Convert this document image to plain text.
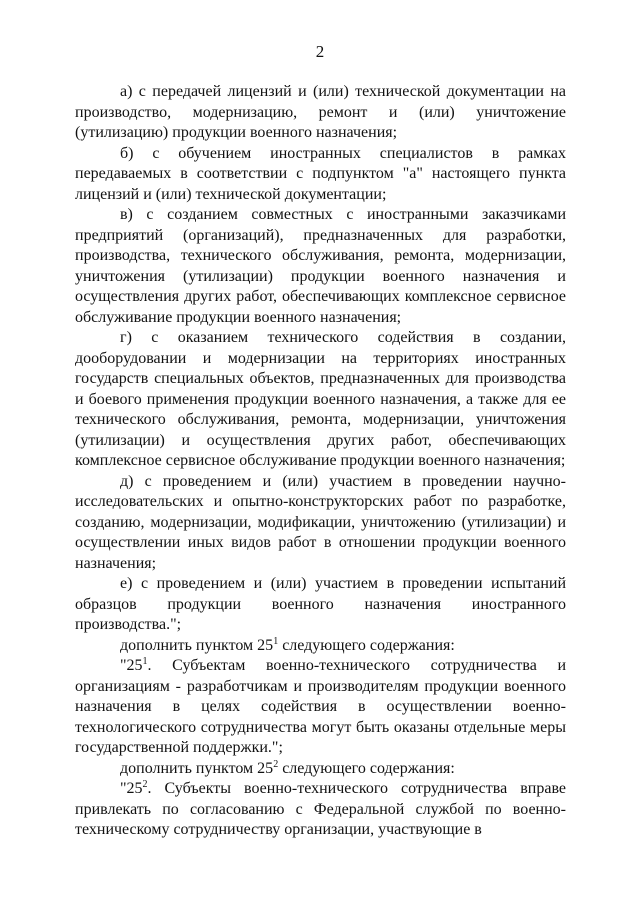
2

а) с передачей лицензий и (или) технической документации на производство, модернизацию, ремонт и (или) уничтожение (утилизацию) продукции военного назначения;

б) с обучением иностранных специалистов в рамках передаваемых в соответствии с подпунктом "а" настоящего пункта лицензий и (или) технической документации;

в) с созданием совместных с иностранными заказчиками предприятий (организаций), предназначенных для разработки, производства, технического обслуживания, ремонта, модернизации, уничтожения (утилизации) продукции военного назначения и осуществления других работ, обеспечивающих комплексное сервисное обслуживание продукции военного назначения;

г) с оказанием технического содействия в создании, дооборудовании и модернизации на территориях иностранных государств специальных объектов, предназначенных для производства и боевого применения продукции военного назначения, а также для ее технического обслуживания, ремонта, модернизации, уничтожения (утилизации) и осуществления других работ, обеспечивающих комплексное сервисное обслуживание продукции военного назначения;

д) с проведением и (или) участием в проведении научно-исследовательских и опытно-конструкторских работ по разработке, созданию, модернизации, модификации, уничтожению (утилизации) и осуществлении иных видов работ в отношении продукции военного назначения;

е) с проведением и (или) участием в проведении испытаний образцов продукции военного назначения иностранного производства.";

дополнить пунктом $25^1$ следующего содержания:

"$25^1$. Субъектам военно-технического сотрудничества и организациям - разработчикам и производителям продукции военного назначения в целях содействия в осуществлении военно-технологического сотрудничества могут быть оказаны отдельные меры государственной поддержки.";

дополнить пунктом $25^2$ следующего содержания:

"$25^2$. Субъекты военно-технического сотрудничества вправе привлекать по согласованию с Федеральной службой по военно-техническому сотрудничеству организации, участвующие в
